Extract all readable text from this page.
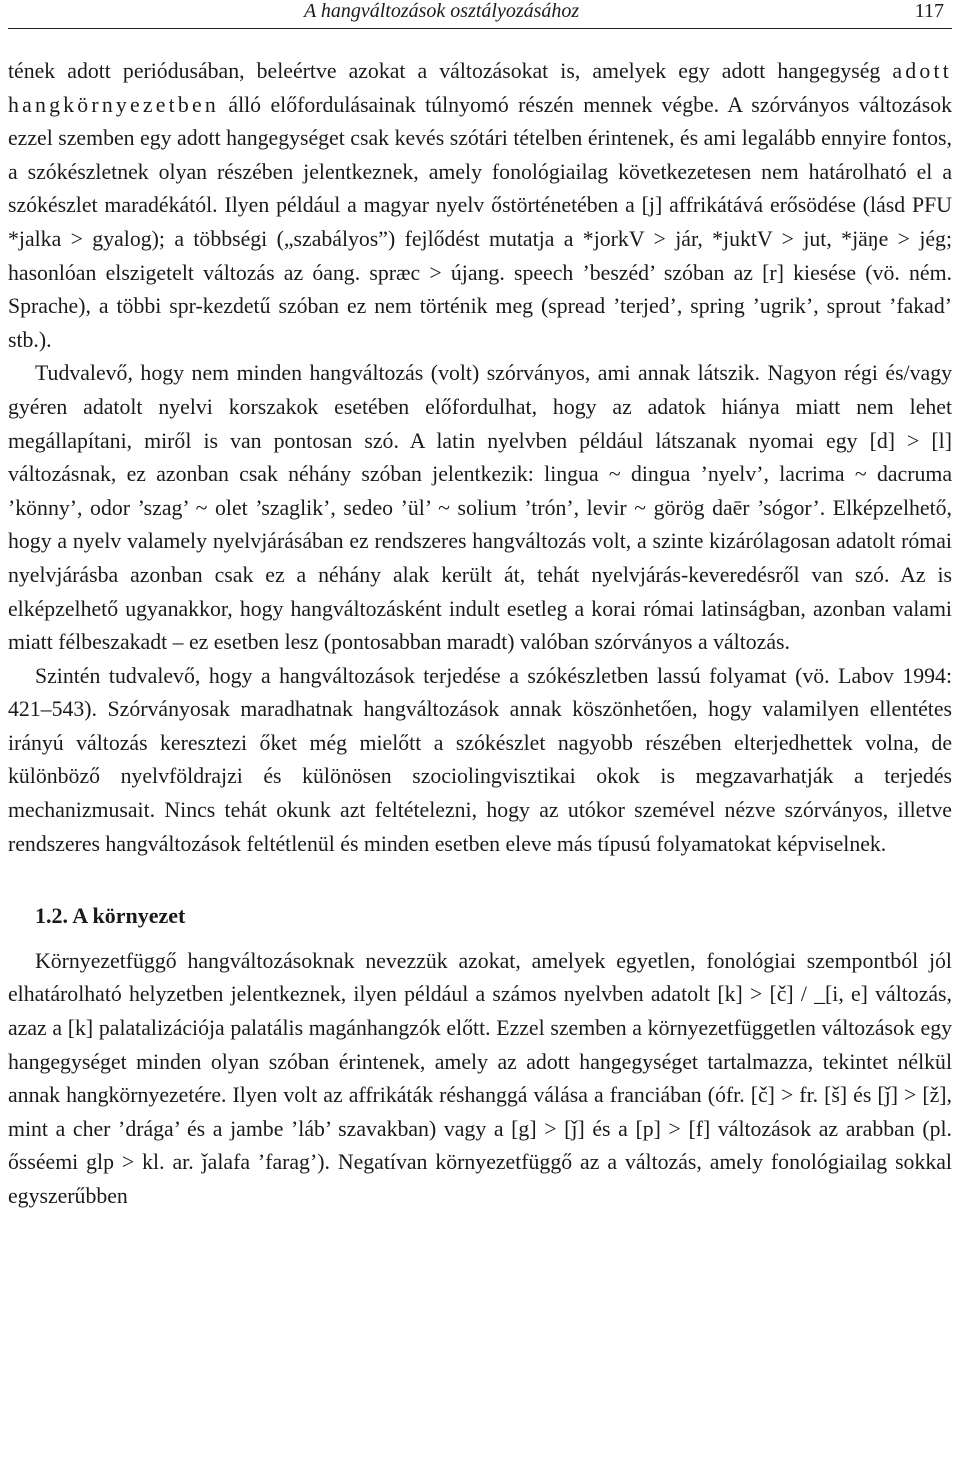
A hangváltozások osztályozásához	117

tének adott periódusában, beleértve azokat a változásokat is, amelyek egy adott hangegység adott hangkörnyezetben álló előfordulásainak túlnyomó részén mennek végbe. A szórványos változások ezzel szemben egy adott hangegységet csak kevés szótári tételben érintenek, és ami legalább ennyire fontos, a szókészletnek olyan részében jelentkeznek, amely fonológiailag következetesen nem határolható el a szókészlet maradékától. Ilyen például a magyar nyelv őstörténetében a [j] affrikátává erősödése (lásd PFU *jalka > gyalog); a többségi („szabályos”) fejlődést mutatja a *jorkV > jár, *juktV > jut, *jäŋe > jég; hasonlóan elszigetelt változás az óang. spræc > újang. speech ’beszéd’ szóban az [r] kiesése (vö. ném. Sprache), a többi spr-kezdetű szóban ez nem történik meg (spread ’terjed’, spring ’ugrik’, sprout ’fakad’ stb.).

Tudvalevő, hogy nem minden hangváltozás (volt) szórványos, ami annak látszik. Nagyon régi és/vagy gyéren adatolt nyelvi korszakok esetében előfordulhat, hogy az adatok hiánya miatt nem lehet megállapítani, miről is van pontosan szó. A latin nyelvben például látszanak nyomai egy [d] > [l] változásnak, ez azonban csak néhány szóban jelentkezik: lingua ~ dingua ’nyelv’, lacrima ~ dacruma ’könny’, odor ’szag’ ~ olet ’szaglik’, sedeo ’ül’ ~ solium ’trón’, levir ~ görög daēr ’sógor’. Elképzelhető, hogy a nyelv valamely nyelvjárásában ez rendszeres hangváltozás volt, a szinte kizárólagosan adatolt római nyelvjárásba azonban csak ez a néhány alak került át, tehát nyelvjárás-keveredésről van szó. Az is elképzelhető ugyanakkor, hogy hangváltozásként indult esetleg a korai római latinságban, azonban valami miatt félbeszakadt – ez esetben lesz (pontosabban maradt) valóban szórványos a változás.

Szintén tudvalevő, hogy a hangváltozások terjedése a szókészletben lassú folyamat (vö. Labov 1994: 421–543). Szórványosak maradhatnak hangváltozások annak köszönhetően, hogy valamilyen ellentétes irányú változás keresztezi őket még mielőtt a szókészlet nagyobb részében elterjedhettek volna, de különböző nyelvföldrajzi és különösen szociolingvisztikai okok is megzavarhatják a terjedés mechanizmusait. Nincs tehát okunk azt feltételezni, hogy az utókor szemével nézve szórványos, illetve rendszeres hangváltozások feltétlenül és minden esetben eleve más típusú folyamatokat képviselnek.

1.2. A környezet

Környezetfüggő hangváltozásoknak nevezzük azokat, amelyek egyetlen, fonológiai szempontból jól elhatárolható helyzetben jelentkeznek, ilyen például a számos nyelvben adatolt [k] > [č] / _[i, e] változás, azaz a [k] palatalizációja palatális magánhangzók előtt. Ezzel szemben a környezetfüggetlen változások egy hangegységet minden olyan szóban érintenek, amely az adott hangegységet tartalmazza, tekintet nélkül annak hangkörnyezetére. Ilyen volt az affrikáták réshanggá válása a franciában (ófr. [č] > fr. [š] és [ǰ] > [ž], mint a cher ’drága’ és a jambe ’láb’ szavakban) vagy a [g] > [ǰ] és a [p] > [f] változások az arabban (pl. ősséemi glp > kl. ar. ǰalafa ’farag’). Negatívan környezetfüggő az a változás, amely fonológiailag sokkal egyszerűbben
